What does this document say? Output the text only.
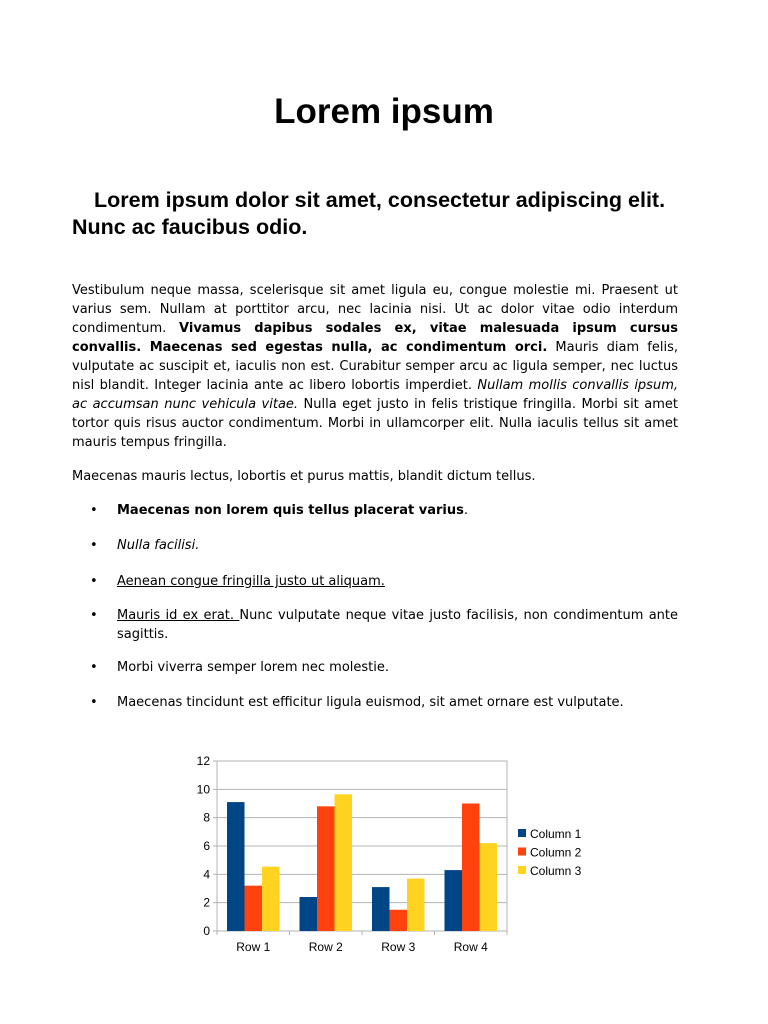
Lorem ipsum
Lorem ipsum dolor sit amet, consectetur adipiscing elit. Nunc ac faucibus odio.

Vestibulum neque massa, scelerisque sit amet ligula eu, congue molestie mi. Praesent ut varius sem. Nullam at porttitor arcu, nec lacinia nisi. Ut ac dolor vitae odio interdum condimentum. Vivamus dapibus sodales ex, vitae malesuada ipsum cursus convallis. Maecenas sed egestas nulla, ac condimentum orci. Mauris diam felis, vulputate ac suscipit et, iaculis non est. Curabitur semper arcu ac ligula semper, nec luctus nisl blandit. Integer lacinia ante ac libero lobortis imperdiet. Nullam mollis convallis ipsum, ac accumsan nunc vehicula vitae. Nulla eget justo in felis tristique fringilla. Morbi sit amet tortor quis risus auctor condimentum. Morbi in ullamcorper elit. Nulla iaculis tellus sit amet mauris tempus fringilla.

Maecenas mauris lectus, lobortis et purus mattis, blandit dictum tellus.

• Maecenas non lorem quis tellus placerat varius.
• Nulla facilisi.
• Aenean congue fringilla justo ut aliquam.
• Mauris id ex erat. Nunc vulputate neque vitae justo facilisis, non condimentum ante sagittis.
• Morbi viverra semper lorem nec molestie.
• Maecenas tincidunt est efficitur ligula euismod, sit amet ornare est vulputate.
0
2
4
6
8
10
12
Row 1	Row 2	Row 3	Row 4
Column 1
Column 2
Column 3
